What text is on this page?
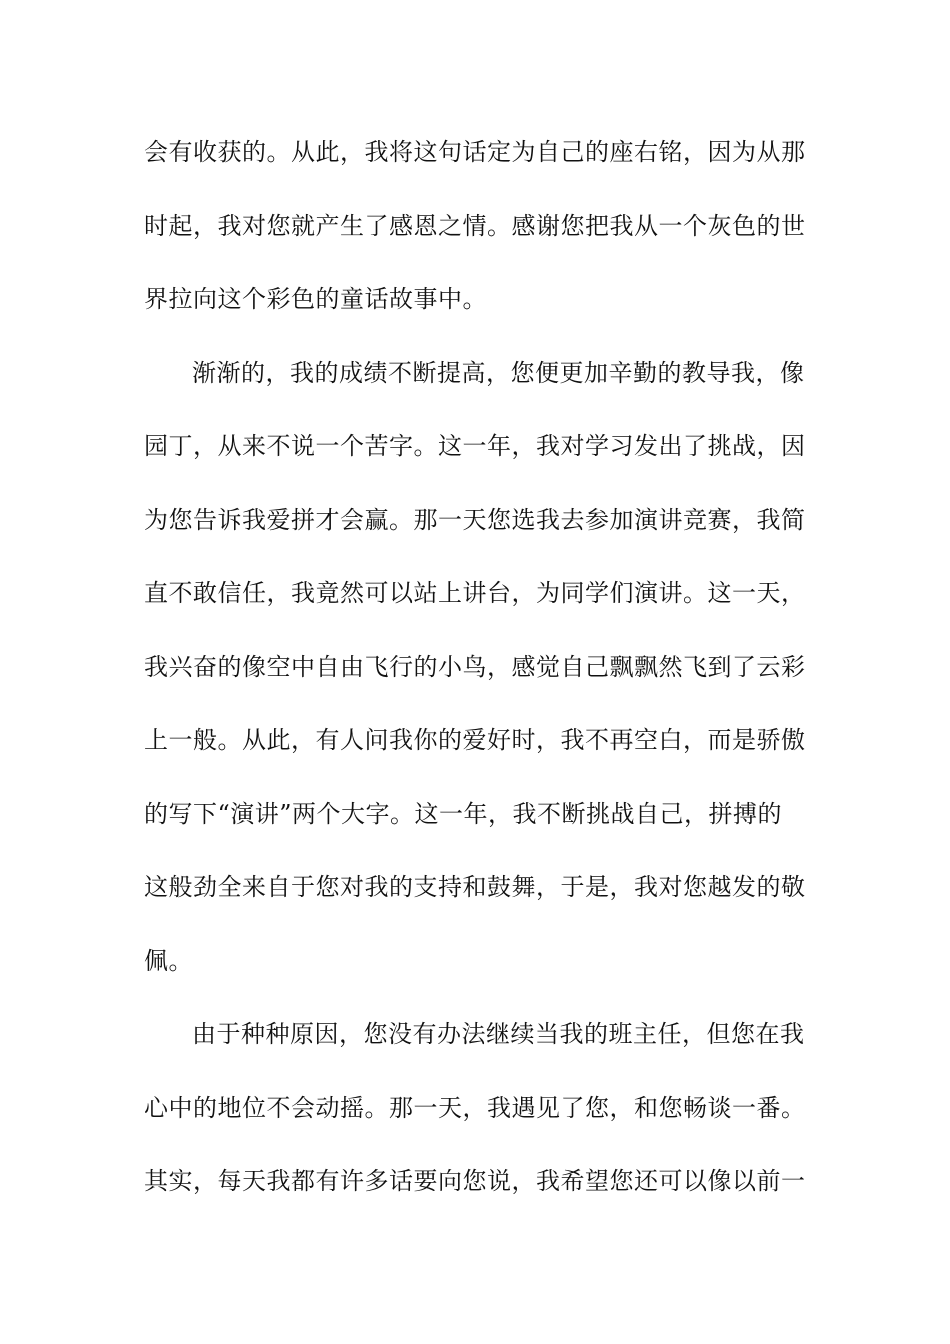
会有收获的。从此，我将这句话定为自己的座右铭，因为从那
时起，我对您就产生了感恩之情。感谢您把我从一个灰色的世
界拉向这个彩色的童话故事中。
渐渐的，我的成绩不断提高，您便更加辛勤的教导我，像
园丁，从来不说一个苦字。这一年，我对学习发出了挑战，因
为您告诉我爱拼才会赢。那一天您选我去参加演讲竞赛，我简
直不敢信任，我竟然可以站上讲台，为同学们演讲。这一天，
我兴奋的像空中自由飞行的小鸟，感觉自己飘飘然飞到了云彩
上一般。从此，有人问我你的爱好时，我不再空白，而是骄傲
的写下“演讲”两个大字。这一年，我不断挑战自己，拼搏的
这般劲全来自于您对我的支持和鼓舞，于是，我对您越发的敬
佩。
由于种种原因，您没有办法继续当我的班主任，但您在我
心中的地位不会动摇。那一天，我遇见了您，和您畅谈一番。
其实，每天我都有许多话要向您说，我希望您还可以像以前一
